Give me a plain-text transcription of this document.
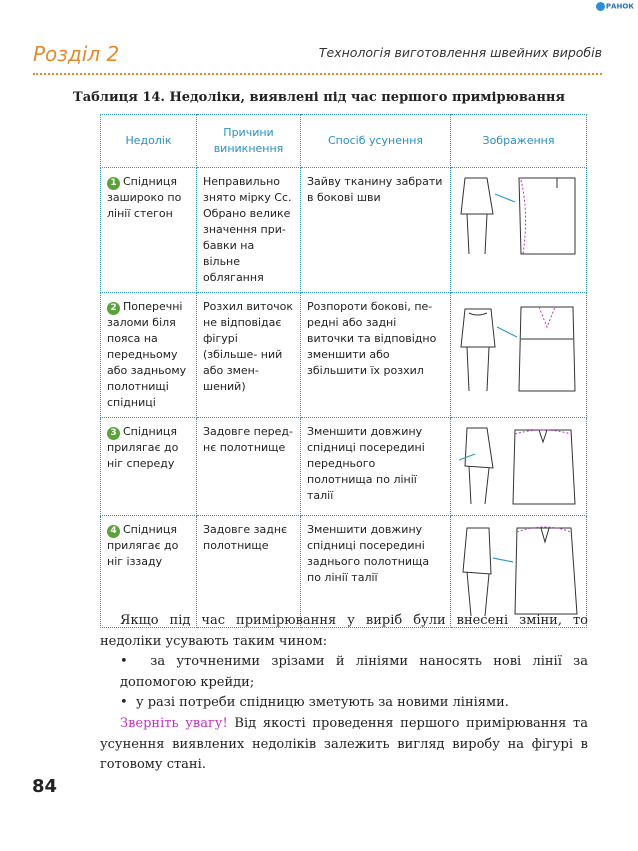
РАНОК
Розділ 2	Технологія виготовлення швейних виробів
Таблиця 14. Недоліки, виявлені під час першого примірювання
Недолік	Причини виникнення	Спосіб усунення	Зображення
1 Спідниця зашироко по лінії стегон	Неправильно знято мірку Сс. Обрано велике значення при- бавки на вільне облягання	Зайву тканину забрати в бокові шви	

2 Поперечні заломи біля пояса на передньому або задньому полотнищі спідниці	Розхил виточок не відповідає фігурі (збільше- ний або змен- шений)	Розпороти бокові, пе- редні або задні виточки та відповідно зменшити або збільшити їх розхил	

3 Спідниця прилягає до ніг спереду	Задовге перед- нє полотнище	Зменшити довжину спідниці посередині переднього полотнища по лінії талії	

4 Спідниця прилягає до ніг іззаду	Задовге заднє полотнище	Зменшити довжину спідниці посередині заднього полотнища по лінії талії	
Якщо під час примірювання у виріб були внесені зміни, то недоліки усувають таким чином:
•  за уточненими зрізами й лініями наносять нові лінії за допомогою крейди;
•  у разі потреби спідницю зметують за новими лініями.
Зверніть увагу! Від якості проведення першого примірювання та усунення виявлених недоліків залежить вигляд виробу на фігурі в готовому стані.
84
